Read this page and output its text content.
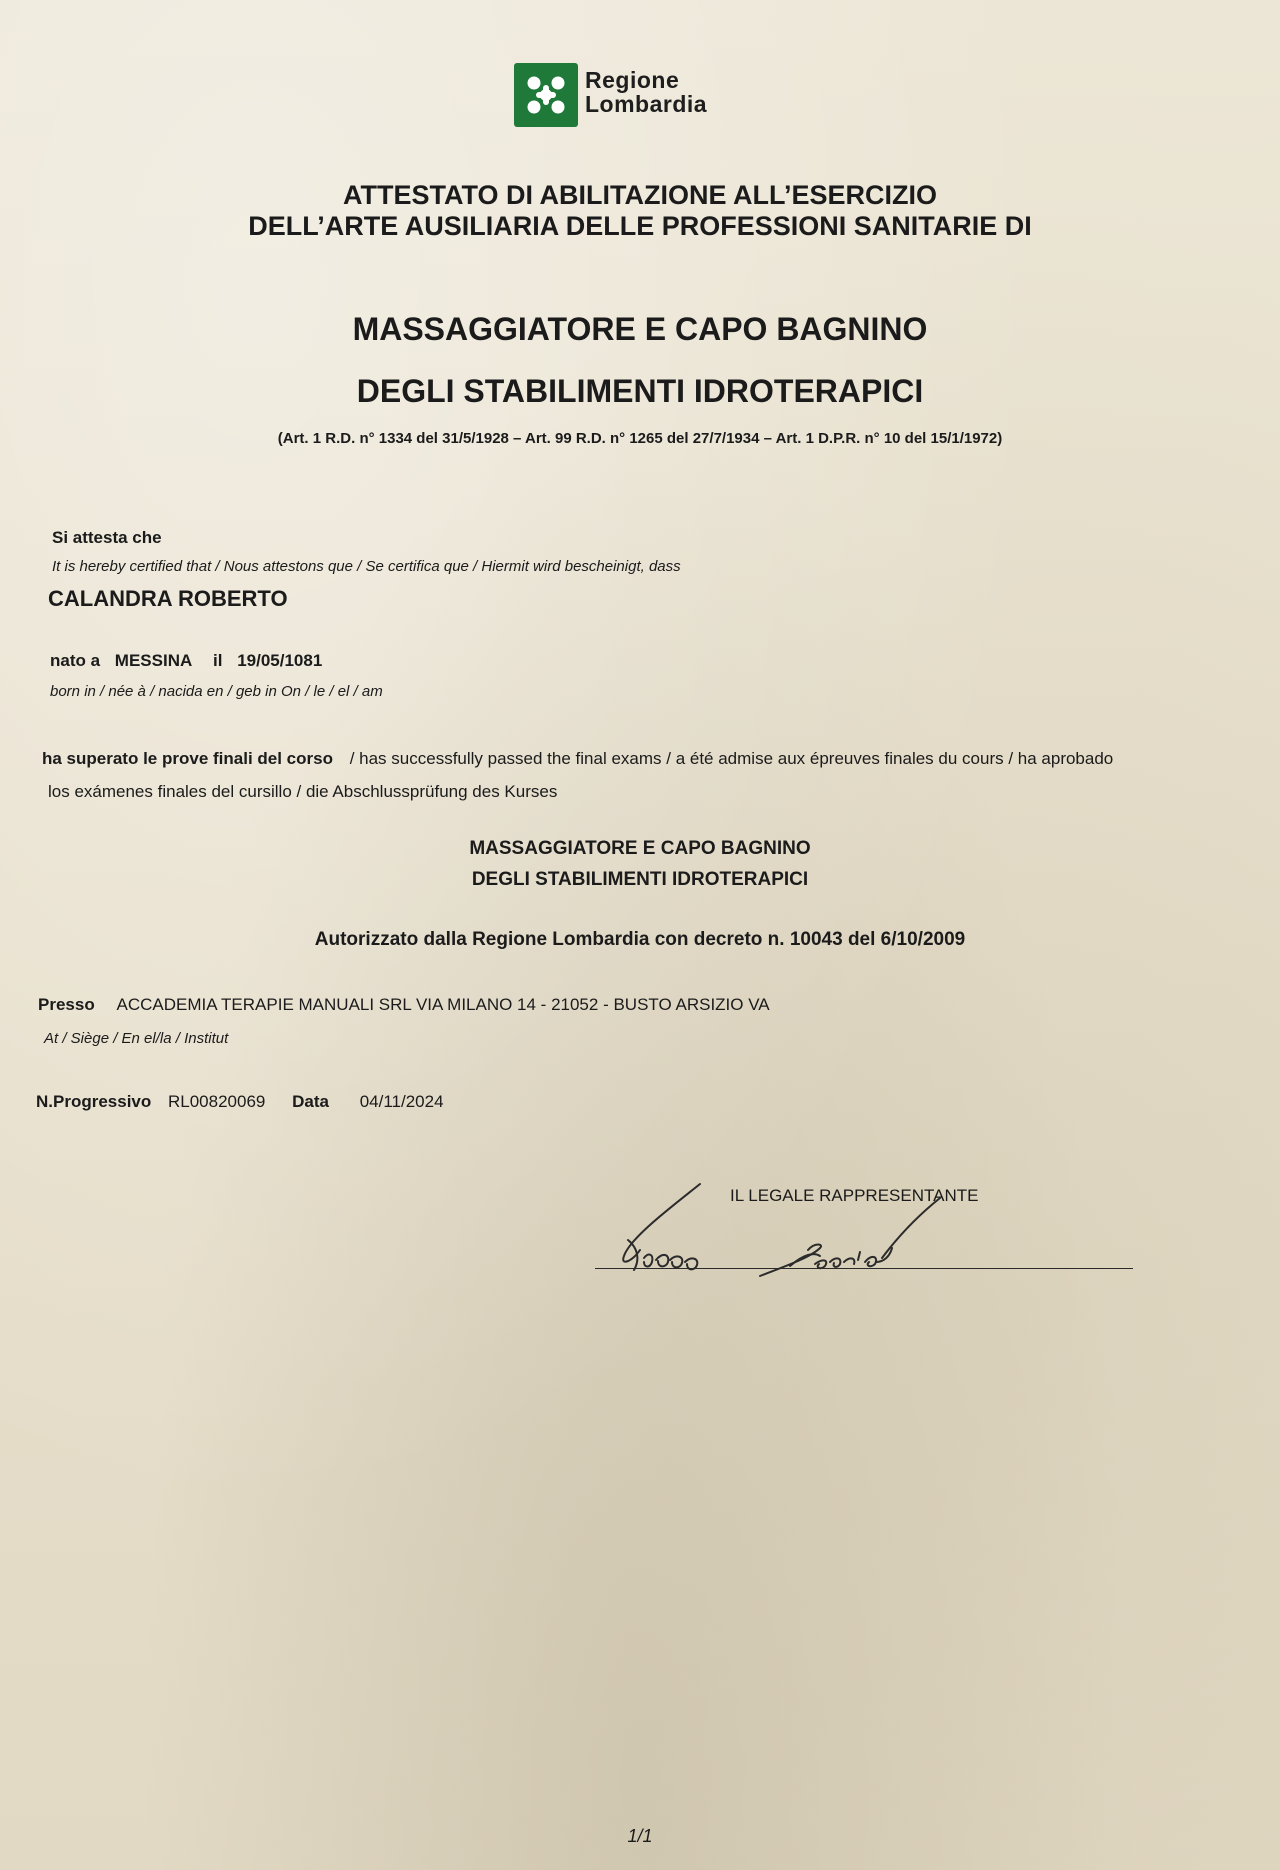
Regione
Lombardia
ATTESTATO DI ABILITAZIONE ALL’ESERCIZIO
DELL’ARTE AUSILIARIA DELLE PROFESSIONI SANITARIE DI
MASSAGGIATORE E CAPO BAGNINO
DEGLI STABILIMENTI IDROTERAPICI
(Art. 1 R.D. n° 1334 del 31/5/1928 – Art. 99 R.D. n° 1265 del 27/7/1934 – Art. 1 D.P.R. n° 10 del 15/1/1972)
Si attesta che
It is hereby certified that / Nous attestons que / Se certifica que / Hiermit wird bescheinigt, dass
CALANDRA ROBERTO
nato a MESSINA il 19/05/1081
born in / née à / nacida en / geb in On / le / el / am
ha superato le prove finali del corso / has successfully passed the final exams / a été admise aux épreuves finales du cours / ha aprobado
los exámenes finales del cursillo / die Abschlussprüfung des Kurses
MASSAGGIATORE E CAPO BAGNINO
DEGLI STABILIMENTI IDROTERAPICI
Autorizzato dalla Regione Lombardia con decreto n. 10043 del 6/10/2009
Presso ACCADEMIA TERAPIE MANUALI SRL VIA MILANO 14 - 21052 - BUSTO ARSIZIO VA
At / Siège / En el/la / Institut
N.Progressivo RL00820069 Data 04/11/2024
IL LEGALE RAPPRESENTANTE
1/1
